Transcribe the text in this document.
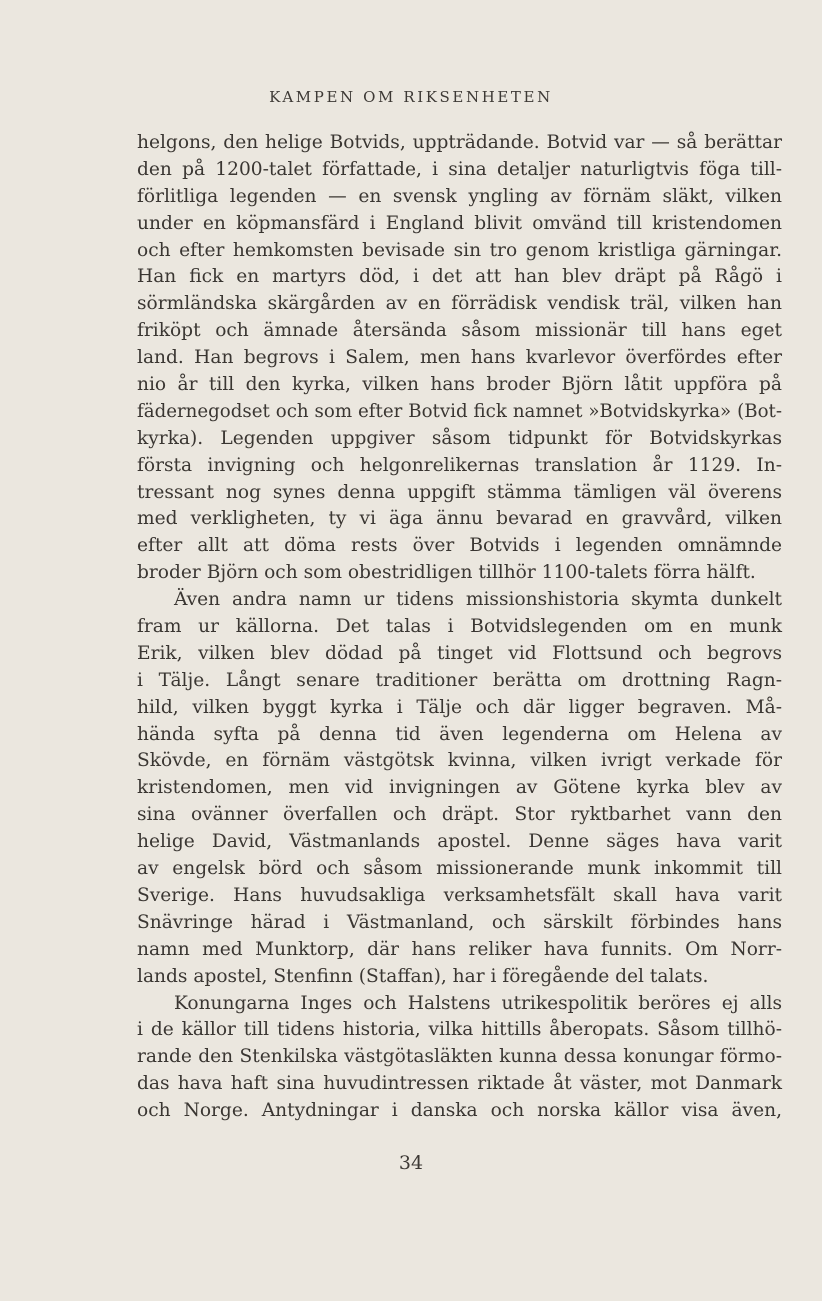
KAMPEN OM RIKSENHETEN
helgons, den helige Botvids, uppträdande. Botvid var — så berättar
den på 1200-talet författade, i sina detaljer naturligtvis föga till-
förlitliga legenden — en svensk yngling av förnäm släkt, vilken
under en köpmansfärd i England blivit omvänd till kristendomen
och efter hemkomsten bevisade sin tro genom kristliga gärningar.
Han fick en martyrs död, i det att han blev dräpt på Rågö i
sörmländska skärgården av en förrädisk vendisk träl, vilken han
friköpt och ämnade återsända såsom missionär till hans eget
land. Han begrovs i Salem, men hans kvarlevor överfördes efter
nio år till den kyrka, vilken hans broder Björn låtit uppföra på
fädernegodset och som efter Botvid fick namnet »Botvidskyrka» (Bot-
kyrka). Legenden uppgiver såsom tidpunkt för Botvidskyrkas
första invigning och helgonrelikernas translation år 1129. In-
tressant nog synes denna uppgift stämma tämligen väl överens
med verkligheten, ty vi äga ännu bevarad en gravvård, vilken
efter allt att döma rests över Botvids i legenden omnämnde
broder Björn och som obestridligen tillhör 1100-talets förra hälft.
Även andra namn ur tidens missionshistoria skymta dunkelt
fram ur källorna. Det talas i Botvidslegenden om en munk
Erik, vilken blev dödad på tinget vid Flottsund och begrovs
i Tälje. Långt senare traditioner berätta om drottning Ragn-
hild, vilken byggt kyrka i Tälje och där ligger begraven. Må-
hända syfta på denna tid även legenderna om Helena av
Skövde, en förnäm västgötsk kvinna, vilken ivrigt verkade för
kristendomen, men vid invigningen av Götene kyrka blev av
sina ovänner överfallen och dräpt. Stor ryktbarhet vann den
helige David, Västmanlands apostel. Denne säges hava varit
av engelsk börd och såsom missionerande munk inkommit till
Sverige. Hans huvudsakliga verksamhetsfält skall hava varit
Snävringe härad i Västmanland, och särskilt förbindes hans
namn med Munktorp, där hans reliker hava funnits. Om Norr-
lands apostel, Stenfinn (Staffan), har i föregående del talats.
Konungarna Inges och Halstens utrikespolitik beröres ej alls
i de källor till tidens historia, vilka hittills åberopats. Såsom tillhö-
rande den Stenkilska västgötasläkten kunna dessa konungar förmo-
das hava haft sina huvudintressen riktade åt väster, mot Danmark
och Norge. Antydningar i danska och norska källor visa även,
34
